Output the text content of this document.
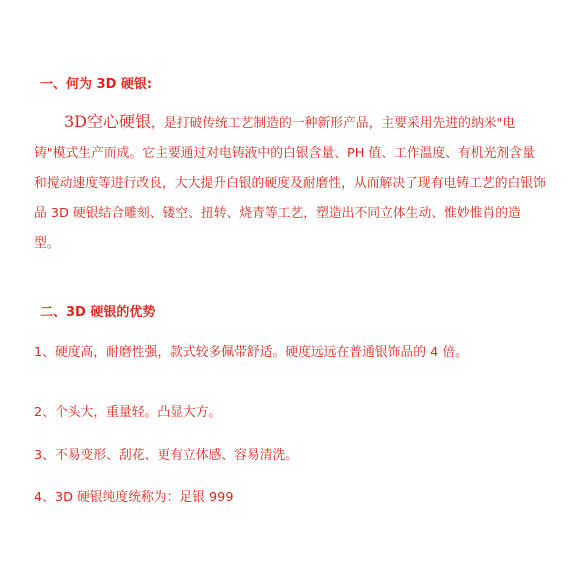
一、何为 3D 硬银:
3D空心硬银，是打破传统工艺制造的一种新形产品，主要采用先进的纳米"电铸"模式生产而成。它主要通过对电铸液中的白银含量、PH 值、工作温度、有机光剂含量和搅动速度等进行改良，大大提升白银的硬度及耐磨性，从而解决了现有电铸工艺的白银饰品 3D 硬银结合雕刻、镂空、扭转、烧青等工艺，塑造出不同立体生动、惟妙惟肖的造型。
二、3D 硬银的优势
1、硬度高，耐磨性强，款式较多佩带舒适。硬度远远在普通银饰品的 4 倍。
2、个头大，重量轻。凸显大方。
3、不易变形、刮花、更有立体感、容易清洗。
4、3D 硬银纯度统称为：足银 999
